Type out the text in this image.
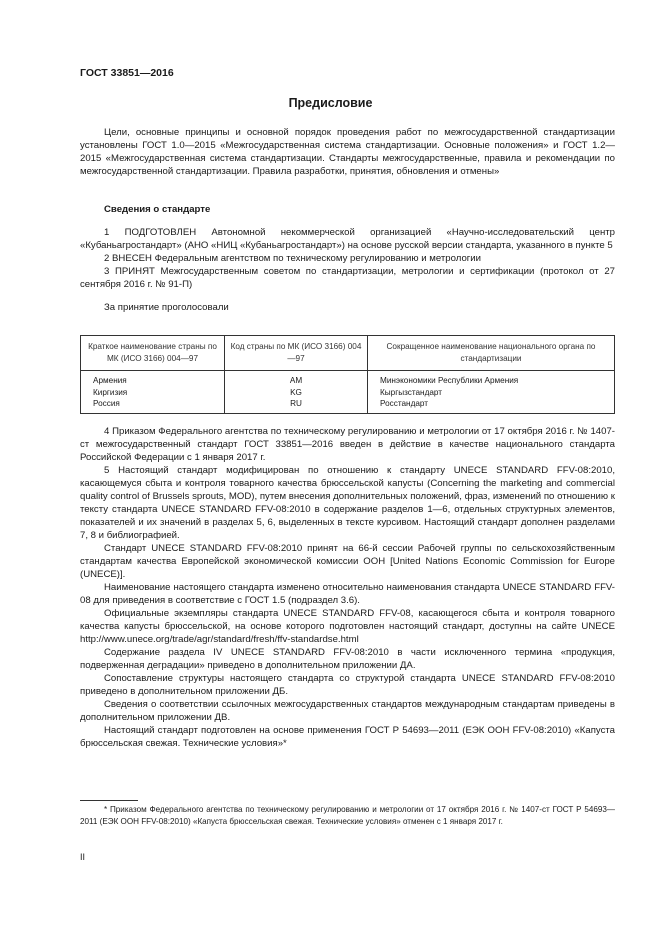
ГОСТ 33851—2016
Предисловие

Цели, основные принципы и основной порядок проведения работ по межгосударственной стандартизации установлены ГОСТ 1.0—2015 «Межгосударственная система стандартизации. Основные положения» и ГОСТ 1.2—2015 «Межгосударственная система стандартизации. Стандарты межгосударственные, правила и рекомендации по межгосударственной стандартизации. Правила разработки, принятия, обновления и отмены»

Сведения о стандарте

1 ПОДГОТОВЛЕН Автономной некоммерческой организацией «Научно-исследовательский центр «Кубаньагростандарт» (АНО «НИЦ «Кубаньагростандарт») на основе русской версии стандарта, указанного в пункте 5

2 ВНЕСЕН Федеральным агентством по техническому регулированию и метрологии

3 ПРИНЯТ Межгосударственным советом по стандартизации, метрологии и сертификации (протокол от 27 сентября 2016 г. № 91-П)

За принятие проголосовали

Краткое наименование страны по МК (ИСО 3166) 004—97	Код страны по МК (ИСО 3166) 004—97	Сокращенное наименование национального органа по стандартизации
Армения	AM	Минэкономики Республики Армения
Киргизия	KG	Кыргызстандарт
Россия	RU	Росстандарт

4 Приказом Федерального агентства по техническому регулированию и метрологии от 17 октября 2016 г. № 1407-ст межгосударственный стандарт ГОСТ 33851—2016 введен в действие в качестве национального стандарта Российской Федерации с 1 января 2017 г.

5 Настоящий стандарт модифицирован по отношению к стандарту UNECE STANDARD FFV-08:2010, касающемуся сбыта и контроля товарного качества брюссельской капусты (Concerning the marketing and commercial quality control of Brussels sprouts, MOD), путем внесения дополнительных положений, фраз, изменений по отношению к тексту стандарта UNECE STANDARD FFV-08:2010 в содержание разделов 1—6, отдельных структурных элементов, показателей и их значений в разделах 5, 6, выделенных в тексте курсивом. Настоящий стандарт дополнен разделами 7, 8 и библиографией.

Стандарт UNECE STANDARD FFV-08:2010 принят на 66-й сессии Рабочей группы по сельскохозяйственным стандартам качества Европейской экономической комиссии ООН [United Nations Economic Commission for Europe (UNECE)].

Наименование настоящего стандарта изменено относительно наименования стандарта UNECE STANDARD FFV-08 для приведения в соответствие с ГОСТ 1.5 (подраздел 3.6).

Официальные экземпляры стандарта UNECE STANDARD FFV-08, касающегося сбыта и контроля товарного качества капусты брюссельской, на основе которого подготовлен настоящий стандарт, доступны на сайте UNECE http://www.unece.org/trade/agr/standard/fresh/ffv-standardse.html

Содержание раздела IV UNECE STANDARD FFV-08:2010 в части исключенного термина «продукция, подверженная деградации» приведено в дополнительном приложении ДА.

Сопоставление структуры настоящего стандарта со структурой стандарта UNECE STANDARD FFV-08:2010 приведено в дополнительном приложении ДБ.

Сведения о соответствии ссылочных межгосударственных стандартов международным стандартам приведены в дополнительном приложении ДВ.

Настоящий стандарт подготовлен на основе применения ГОСТ Р 54693—2011 (ЕЭК ООН FFV-08:2010) «Капуста брюссельская свежая. Технические условия»*

* Приказом Федерального агентства по техническому регулированию и метрологии от 17 октября 2016 г. № 1407-ст ГОСТ Р 54693—2011 (ЕЭК ООН FFV-08:2010) «Капуста брюссельская свежая. Технические условия» отменен с 1 января 2017 г.

II
